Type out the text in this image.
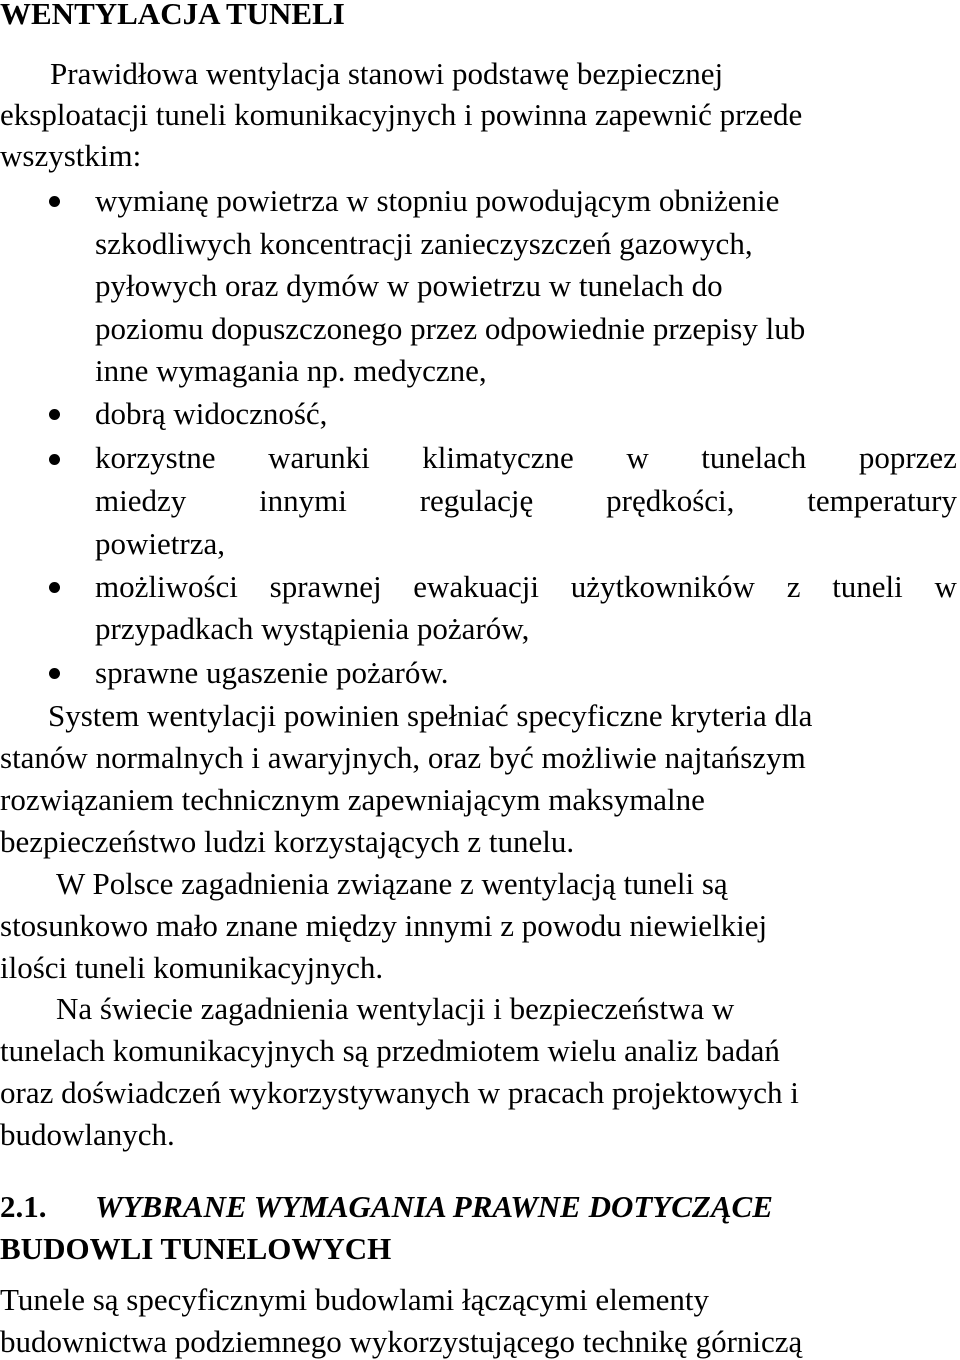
WENTYLACJA TUNELI
Prawidłowa wentylacja stanowi podstawę bezpiecznej
eksploatacji tuneli komunikacyjnych i powinna zapewnić przede
wszystkim:
wymianę powietrza w stopniu powodującym obniżenie
szkodliwych koncentracji zanieczyszczeń gazowych,
pyłowych oraz dymów w powietrzu w tunelach do
poziomu dopuszczonego przez odpowiednie przepisy lub
inne wymagania np. medyczne,
dobrą widoczność,
korzystne warunki klimatyczne w tunelach poprzez
miedzy innymi regulację prędkości, temperatury
powietrza,
możliwości sprawnej ewakuacji użytkowników z tuneli w
przypadkach wystąpienia pożarów,
sprawne ugaszenie pożarów.
System wentylacji powinien spełniać specyficzne kryteria dla
stanów normalnych i awaryjnych, oraz być możliwie najtańszym
rozwiązaniem technicznym zapewniającym maksymalne
bezpieczeństwo ludzi korzystających z tunelu.
W Polsce zagadnienia związane z wentylacją tuneli są
stosunkowo mało znane między innymi z powodu niewielkiej
ilości tuneli komunikacyjnych.
Na świecie zagadnienia wentylacji i bezpieczeństwa w
tunelach komunikacyjnych są przedmiotem wielu analiz badań
oraz doświadczeń wykorzystywanych w pracach projektowych i
budowlanych.
2.1. WYBRANE WYMAGANIA PRAWNE DOTYCZĄCE
BUDOWLI TUNELOWYCH
Tunele są specyficznymi budowlami łączącymi elementy
budownictwa podziemnego wykorzystującego technikę górniczą
